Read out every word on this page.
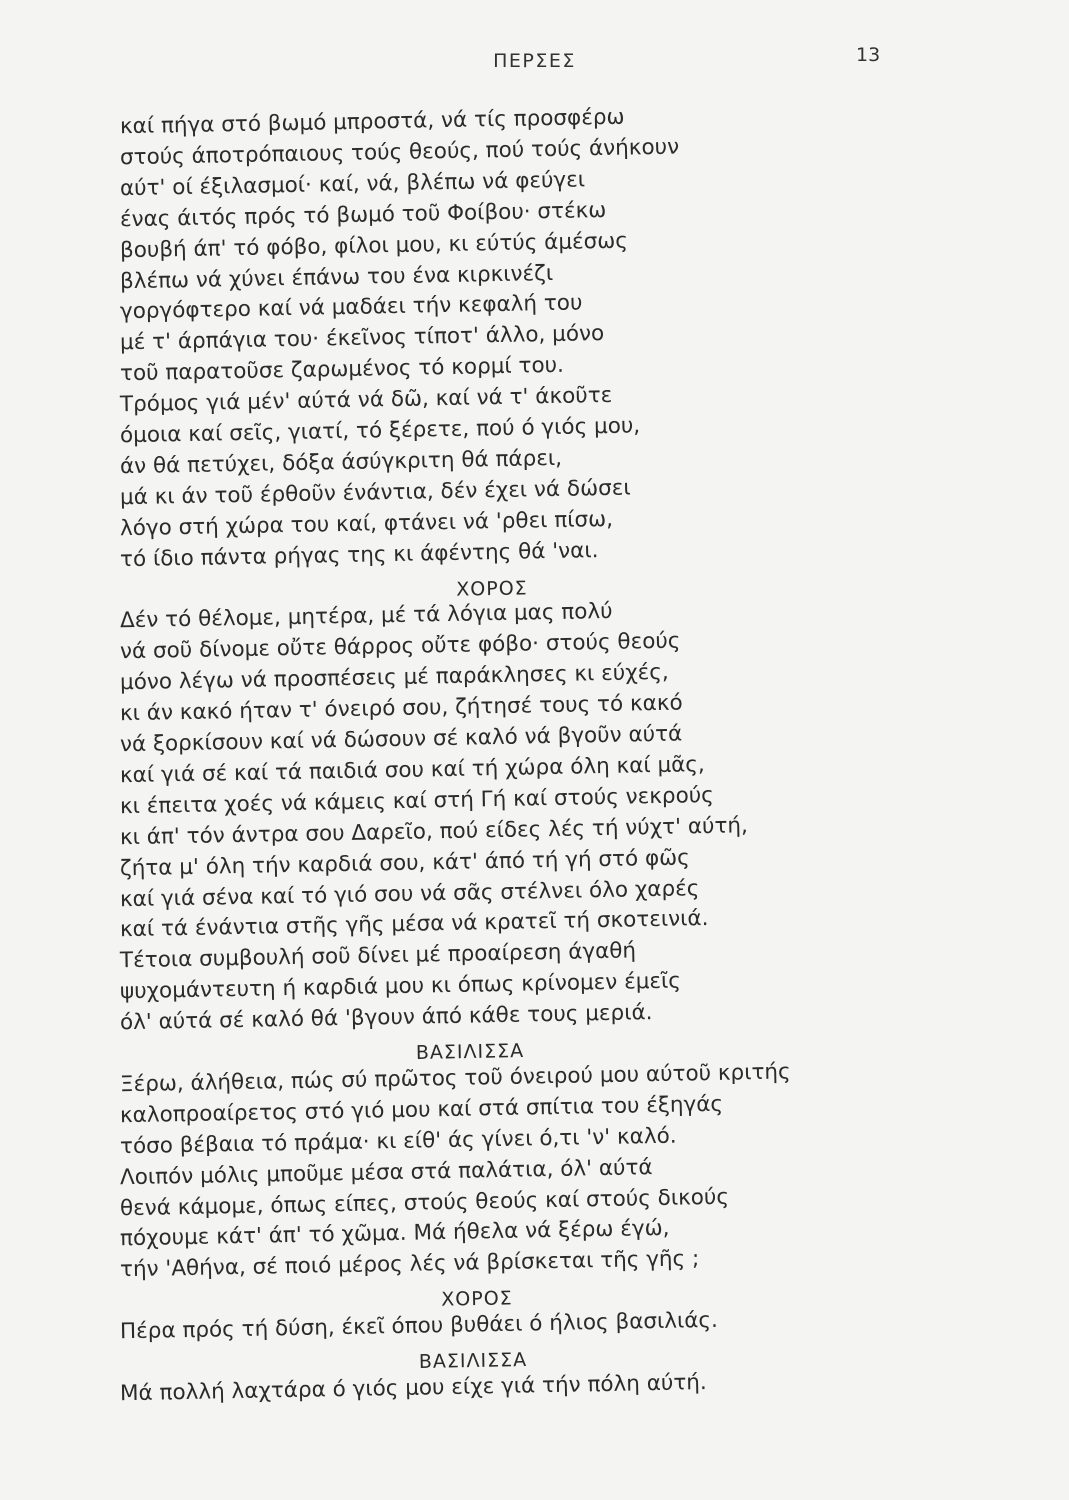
ΠΕΡΣΕΣ	13
καί πήγα στό βωμό μπροστά, νά τίς προσφέρω
στούς άποτρόπαιους τούς θεούς, πού τούς άνήκουν
αύτ' οί έξιλασμοί· καί, νά, βλέπω νά φεύγει
ένας άιτός πρός τό βωμό τοῦ Φοίβου· στέκω
βουβή άπ' τό φόβο, φίλοι μου, κι εύτύς άμέσως
βλέπω νά χύνει έπάνω του ένα κιρκινέζι
γοργόφτερο καί νά μαδάει τήν κεφαλή του
μέ τ' άρπάγια του· έκεῖνος τίποτ' άλλο, μόνο
τοῦ παρατοῦσε ζαρωμένος τό κορμί του.
Τρόμος γιά μέν' αύτά νά δῶ, καί νά τ' άκοῦτε
όμοια καί σεῖς, γιατί, τό ξέρετε, πού ό γιός μου,
άν θά πετύχει, δόξα άσύγκριτη θά πάρει,
μά κι άν τοῦ έρθοῦν ένάντια, δέν έχει νά δώσει
λόγο στή χώρα του καί, φτάνει νά 'ρθει πίσω,
τό ίδιο πάντα ρήγας της κι άφέντης θά 'ναι.
ΧΟΡΟΣ
Δέν τό θέλομε, μητέρα, μέ τά λόγια μας πολύ
νά σοῦ δίνομε οὔτε θάρρος οὔτε φόβο· στούς θεούς
μόνο λέγω νά προσπέσεις μέ παράκλησες κι εύχές,
κι άν κακό ήταν τ' όνειρό σου, ζήτησέ τους τό κακό
νά ξορκίσουν καί νά δώσουν σέ καλό νά βγοῦν αύτά
καί γιά σέ καί τά παιδιά σου καί τή χώρα όλη καί μᾶς,
κι έπειτα χοές νά κάμεις καί στή Γή καί στούς νεκρούς
κι άπ' τόν άντρα σου Δαρεῖο, πού είδες λές τή νύχτ' αύτή,
ζήτα μ' όλη τήν καρδιά σου, κάτ' άπό τή γή στό φῶς
καί γιά σένα καί τό γιό σου νά σᾶς στέλνει όλο χαρές
καί τά ένάντια στῆς γῆς μέσα νά κρατεῖ τή σκοτεινιά.
Τέτοια συμβουλή σοῦ δίνει μέ προαίρεση άγαθή
ψυχομάντευτη ή καρδιά μου κι όπως κρίνομεν έμεῖς
όλ' αύτά σέ καλό θά 'βγουν άπό κάθε τους μεριά.
ΒΑΣΙΛΙΣΣΑ
Ξέρω, άλήθεια, πώς σύ πρῶτος τοῦ όνειρού μου αύτοῦ κριτής
καλοπροαίρετος στό γιό μου καί στά σπίτια του έξηγάς
τόσο βέβαια τό πράμα· κι είθ' άς γίνει ό,τι 'ν' καλό.
Λοιπόν μόλις μποῦμε μέσα στά παλάτια, όλ' αύτά
θενά κάμομε, όπως είπες, στούς θεούς καί στούς δικούς
πόχουμε κάτ' άπ' τό χῶμα. Μά ήθελα νά ξέρω έγώ,
τήν 'Αθήνα, σέ ποιό μέρος λές νά βρίσκεται τῆς γῆς ;
ΧΟΡΟΣ
Πέρα πρός τή δύση, έκεῖ όπου βυθάει ό ήλιος βασιλιάς.
ΒΑΣΙΛΙΣΣΑ
Μά πολλή λαχτάρα ό γιός μου είχε γιά τήν πόλη αύτή.
